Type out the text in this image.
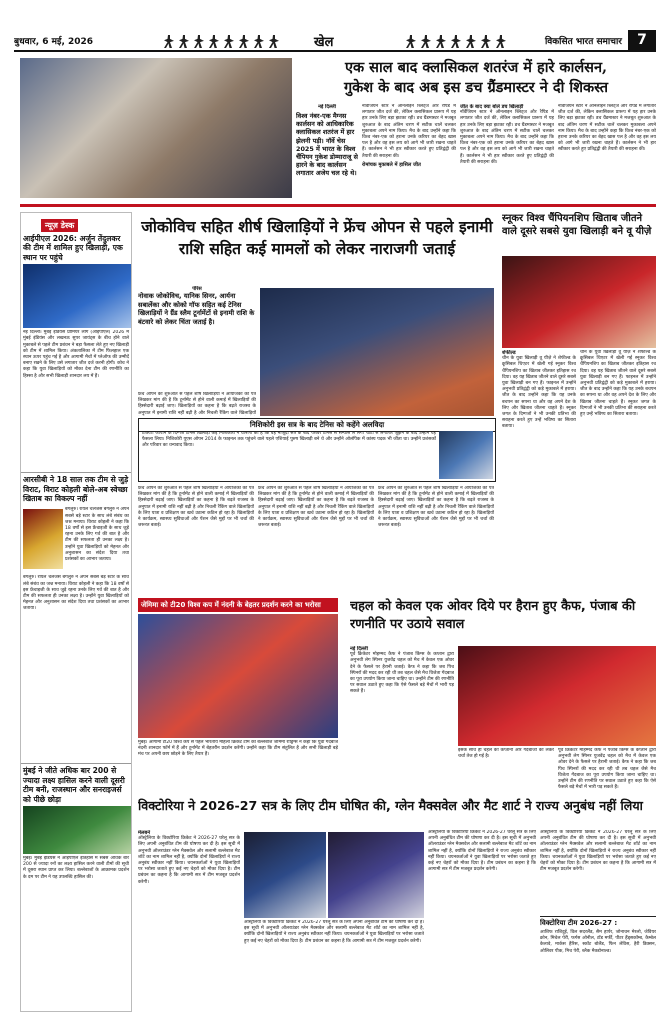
बुधवार, 6 मई, 2026	खेल	विकसित भारत समाचार	7
एक साल बाद क्लासिकल शतरंज में हारे कार्लसन,
गुकेश के बाद अब इस डच ग्रैंडमास्टर ने दी शिकस्त
नई दिल्ली
विश्व नंबर-एक मैग्नस कार्लसन को आधिकारिक क्लासिकल शतरंज में हार झेलनी पड़ी। नॉर्वे चेस 2025 में भारत के विश्व चैंपियन गुकेश डोम्माराजू से हारने के बाद कार्लसन लगातार अजेय चल रहे थे।
नॉर्वेजियन स्टार ने ऑनलाइन ब्लिट्ज और रैपिड में लगातार जीत दर्ज की, लेकिन क्लासिकल प्रारूप में यह हार उनके लिए बड़ा झटका रही। डच ग्रैंडमास्टर ने मजबूत शुरुआत के बाद अंतिम चरण में सटीक चालें चलकर मुकाबला अपने नाम किया। मैच के बाद उन्होंने कहा कि विश्व नंबर-एक को हराना उनके करियर का बेहद खास पल है और वह इस लय को आगे भी जारी रखना चाहते हैं। कार्लसन ने भी हार स्वीकार करते हुए प्रतिद्वंद्वी की तैयारी की सराहना की।
रोमांचक मुकाबले में हासिल जीत
जीत के बाद क्या बोले डच खिलाड़ी
नॉर्वेजियन स्टार ने ऑनलाइन ब्लिट्ज और रैपिड में लगातार जीत दर्ज की, लेकिन क्लासिकल प्रारूप में यह हार उनके लिए बड़ा झटका रही। डच ग्रैंडमास्टर ने मजबूत शुरुआत के बाद अंतिम चरण में सटीक चालें चलकर मुकाबला अपने नाम किया। मैच के बाद उन्होंने कहा कि विश्व नंबर-एक को हराना उनके करियर का बेहद खास पल है और वह इस लय को आगे भी जारी रखना चाहते हैं। कार्लसन ने भी हार स्वीकार करते हुए प्रतिद्वंद्वी की तैयारी की सराहना की।
नॉर्वेजियन स्टार ने ऑनलाइन ब्लिट्ज और रैपिड में लगातार जीत दर्ज की, लेकिन क्लासिकल प्रारूप में यह हार उनके लिए बड़ा झटका रही। डच ग्रैंडमास्टर ने मजबूत शुरुआत के बाद अंतिम चरण में सटीक चालें चलकर मुकाबला अपने नाम किया। मैच के बाद उन्होंने कहा कि विश्व नंबर-एक को हराना उनके करियर का बेहद खास पल है और वह इस लय को आगे भी जारी रखना चाहते हैं। कार्लसन ने भी हार स्वीकार करते हुए प्रतिद्वंद्वी की तैयारी की सराहना की।
न्यूज़ डेस्क
आईपीएल 2026: अर्जुन तेंदुलकर की टीम में शामिल हुए खिलाड़ी, एक स्थान पर पहुंचे
नई दिल्ली। मुंबई इंडियंस प्रीमियर लीग (आईपीएल) 2026 में मुंबई इंडियंस और लखनऊ सुपर जायंट्स के बीच होने वाले मुकाबले से पहले टीम प्रबंधन ने बड़ा फैसला लेते हुए नए खिलाड़ी को टीम में शामिल किया। अंकतालिका में टीम फिलहाल एक स्थान ऊपर पहुंच गई है और आगामी मैचों में प्लेऑफ की उम्मीदें बनाए रखने के लिए उसे लगातार जीत दर्ज करनी होगी। कोच ने कहा कि युवा खिलाड़ियों को मौका देना टीम की रणनीति का हिस्सा है और सभी खिलाड़ी शानदार लय में हैं।
आरसीबी ने 18 साल तक टीम से जुड़े विराट, विराट कोहली बोले-अब स्वेच्छा खिताब का विकल्प नहीं
बेंगलुरु। रॉयल चैलेंजर्स बेंगलुरु ने अपने सबसे बड़े स्टार के साथ लंबे संबंध का जश्न मनाया। विराट कोहली ने कहा कि 18 वर्षों से इस फ्रेंचाइजी के साथ जुड़े रहना उनके लिए गर्व की बात है और टीम की सफलता ही उनका लक्ष्य है। उन्होंने युवा खिलाड़ियों को मेहनत और अनुशासन का संदेश दिया तथा प्रशंसकों का आभार जताया।
बेंगलुरु। रॉयल चैलेंजर्स बेंगलुरु ने अपने सबसे बड़े स्टार के साथ लंबे संबंध का जश्न मनाया। विराट कोहली ने कहा कि 18 वर्षों से इस फ्रेंचाइजी के साथ जुड़े रहना उनके लिए गर्व की बात है और टीम की सफलता ही उनका लक्ष्य है। उन्होंने युवा खिलाड़ियों को मेहनत और अनुशासन का संदेश दिया तथा प्रशंसकों का आभार जताया।
मुंबई ने जीते अधिक बार 200 से ज्यादा लक्ष्य हासिल करने वाली दूसरी टीम बनी, राजस्थान और सनराइजर्स को पीछे छोड़ा
मुंबई। मुंबई इंडियंस ने आईपीएल इतिहास में सबसे अधिक बार 200 से ज्यादा रनों का लक्ष्य हासिल करने वाली टीमों की सूची में दूसरा स्थान प्राप्त कर लिया। बल्लेबाजों के आक्रामक प्रदर्शन के दम पर टीम ने यह उपलब्धि हासिल की।
जोकोविच सहित शीर्ष खिलाड़ियों ने फ्रेंच ओपन से पहले इनामी राशि सहित कई मामलों को लेकर नाराजगी जताई
पेरिस
नोवाक जोकोविच, यानिक सिनर, आर्यना सबालेंका और कोको गॉफ सहित कई टेनिस खिलाड़ियों ने ग्रैंड स्लैम टूर्नामेंटों से इनामी राशि के बंटवारे को लेकर चिंता जताई है।
फ्रेंच ओपन की शुरुआत से पहले शीर्ष खिलाड़ियों ने आयोजकों को पत्र लिखकर मांग की है कि टूर्नामेंट से होने वाली कमाई में खिलाड़ियों की हिस्सेदारी बढ़ाई जाए। खिलाड़ियों का कहना है कि बढ़ते राजस्व के अनुपात में इनामी राशि नहीं बढ़ी है और निचली रैंकिंग वाले खिलाड़ियों
निशिकोरी इस सत्र के बाद टेनिस को कहेंगे अलविदा
टोक्यो। जापान के दिग्गज टेनिस खिलाड़ी केई निशिकोरी ने घोषणा की है कि वह मौजूदा सत्र के बाद पेशेवर टेनिस से संन्यास ले लेंगे। चोटों से लगातार जूझने के बाद उन्होंने यह फैसला लिया। निशिकोरी यूएस ओपन 2014 के फाइनल तक पहुंचने वाले पहले एशियाई पुरुष खिलाड़ी बने थे और उन्होंने ओलंपिक में कांस्य पदक भी जीता था। उन्होंने प्रशंसकों और परिवार का धन्यवाद किया।
फ्रेंच ओपन की शुरुआत से पहले शीर्ष खिलाड़ियों ने आयोजकों को पत्र लिखकर मांग की है कि टूर्नामेंट से होने वाली कमाई में खिलाड़ियों की हिस्सेदारी बढ़ाई जाए। खिलाड़ियों का कहना है कि बढ़ते राजस्व के अनुपात में इनामी राशि नहीं बढ़ी है और निचली रैंकिंग वाले खिलाड़ियों के लिए यात्रा व प्रशिक्षण का खर्च उठाना कठिन हो रहा है। खिलाड़ियों ने कार्यक्रम, स्वास्थ्य सुविधाओं और पेंशन जैसे मुद्दों पर भी चर्चा की जरूरत बताई।
फ्रेंच ओपन की शुरुआत से पहले शीर्ष खिलाड़ियों ने आयोजकों को पत्र लिखकर मांग की है कि टूर्नामेंट से होने वाली कमाई में खिलाड़ियों की हिस्सेदारी बढ़ाई जाए। खिलाड़ियों का कहना है कि बढ़ते राजस्व के अनुपात में इनामी राशि नहीं बढ़ी है और निचली रैंकिंग वाले खिलाड़ियों के लिए यात्रा व प्रशिक्षण का खर्च उठाना कठिन हो रहा है। खिलाड़ियों ने कार्यक्रम, स्वास्थ्य सुविधाओं और पेंशन जैसे मुद्दों पर भी चर्चा की जरूरत बताई।
फ्रेंच ओपन की शुरुआत से पहले शीर्ष खिलाड़ियों ने आयोजकों को पत्र लिखकर मांग की है कि टूर्नामेंट से होने वाली कमाई में खिलाड़ियों की हिस्सेदारी बढ़ाई जाए। खिलाड़ियों का कहना है कि बढ़ते राजस्व के अनुपात में इनामी राशि नहीं बढ़ी है और निचली रैंकिंग वाले खिलाड़ियों के लिए यात्रा व प्रशिक्षण का खर्च उठाना कठिन हो रहा है। खिलाड़ियों ने कार्यक्रम, स्वास्थ्य सुविधाओं और पेंशन जैसे मुद्दों पर भी चर्चा की जरूरत बताई।
स्नूकर विश्व चैंपियनशिप खिताब जीतने वाले दूसरे सबसे युवा खिलाड़ी बने वू यीज़े
शेफील्ड
चीन के युवा खिलाड़ी वू यीज़े ने शेफील्ड के क्रूसिबल थिएटर में खेली गई स्नूकर विश्व चैंपियनशिप का खिताब जीतकर इतिहास रच दिया। वह यह खिताब जीतने वाले दूसरे सबसे युवा खिलाड़ी बन गए हैं। फाइनल में उन्होंने अनुभवी प्रतिद्वंद्वी को कड़े मुकाबले में हराया। जीत के बाद उन्होंने कहा कि यह उनके बचपन का सपना था और वह अपने देश के लिए और खिताब जीतना चाहते हैं। स्नूकर जगत के दिग्गजों ने भी उनकी प्रतिभा की सराहना करते हुए उन्हें भविष्य का सितारा बताया।
चीन के युवा खिलाड़ी वू यीज़े ने शेफील्ड के क्रूसिबल थिएटर में खेली गई स्नूकर विश्व चैंपियनशिप का खिताब जीतकर इतिहास रच दिया। वह यह खिताब जीतने वाले दूसरे सबसे युवा खिलाड़ी बन गए हैं। फाइनल में उन्होंने अनुभवी प्रतिद्वंद्वी को कड़े मुकाबले में हराया। जीत के बाद उन्होंने कहा कि यह उनके बचपन का सपना था और वह अपने देश के लिए और खिताब जीतना चाहते हैं। स्नूकर जगत के दिग्गजों ने भी उनकी प्रतिभा की सराहना करते हुए उन्हें भविष्य का सितारा बताया।
जेमिमा को टी20 विश्व कप में नंदनी के बेहतर प्रदर्शन करने का भरोसा
मुंबई। आगामी टी20 विश्व कप से पहले भारतीय महिला क्रिकेट टीम की बल्लेबाज जेमिमा रोड्रिग्स ने कहा कि युवा गेंदबाज नंदनी शानदार फॉर्म में हैं और टूर्नामेंट में बेहतरीन प्रदर्शन करेंगी। उन्होंने कहा कि टीम संतुलित है और सभी खिलाड़ी बड़े मंच पर अपनी छाप छोड़ने के लिए तैयार हैं।
चहल को केवल एक ओवर दिये पर हैरान हुए कैफ, पंजाब की रणनीति पर उठाये सवाल
नई दिल्ली
पूर्व क्रिकेटर मोहम्मद कैफ ने पंजाब किंग्स के कप्तान द्वारा अनुभवी लेग स्पिनर युजवेंद्र चहल को मैच में केवल एक ओवर देने के फैसले पर हैरानी जताई। कैफ ने कहा कि जब पिच स्पिनरों की मदद कर रही थी तब चहल जैसे मैच विजेता गेंदबाज का पूरा उपयोग किया जाना चाहिए था। उन्होंने टीम की रणनीति पर सवाल उठाते हुए कहा कि ऐसे फैसले बड़े मैचों में भारी पड़ सकते हैं।
इसके साथ ही चहल की कप्तानी और गेंदबाजी को लेकर चर्चा तेज हो गई है।
पूर्व क्रिकेटर मोहम्मद कैफ ने पंजाब किंग्स के कप्तान द्वारा अनुभवी लेग स्पिनर युजवेंद्र चहल को मैच में केवल एक ओवर देने के फैसले पर हैरानी जताई। कैफ ने कहा कि जब पिच स्पिनरों की मदद कर रही थी तब चहल जैसे मैच विजेता गेंदबाज का पूरा उपयोग किया जाना चाहिए था। उन्होंने टीम की रणनीति पर सवाल उठाते हुए कहा कि ऐसे फैसले बड़े मैचों में भारी पड़ सकते हैं।
विक्टोरिया ने 2026-27 सत्र के लिए टीम घोषित की, ग्लेन मैक्सवेल और मैट शार्ट ने राज्य अनुबंध नहीं लिया
मेलबर्न
ऑस्ट्रेलिया के विक्टोरिया क्रिकेट ने 2026-27 घरेलू सत्र के लिए अपनी अनुबंधित टीम की घोषणा कर दी है। इस सूची में अनुभवी ऑलराउंडर ग्लेन मैक्सवेल और सलामी बल्लेबाज मैट शॉर्ट का नाम शामिल नहीं है, क्योंकि दोनों खिलाड़ियों ने राज्य अनुबंध स्वीकार नहीं किया। चयनकर्ताओं ने युवा खिलाड़ियों पर भरोसा जताते हुए कई नए चेहरों को मौका दिया है। टीम प्रबंधन का कहना है कि आगामी सत्र में टीम मजबूत प्रदर्शन करेगी।
ऑस्ट्रेलिया के विक्टोरिया क्रिकेट ने 2026-27 घरेलू सत्र के लिए अपनी अनुबंधित टीम की घोषणा कर दी है। इस सूची में अनुभवी ऑलराउंडर ग्लेन मैक्सवेल और सलामी बल्लेबाज मैट शॉर्ट का नाम शामिल नहीं है, क्योंकि दोनों खिलाड़ियों ने राज्य अनुबंध स्वीकार नहीं किया। चयनकर्ताओं ने युवा खिलाड़ियों पर भरोसा जताते हुए कई नए चेहरों को मौका दिया है। टीम प्रबंधन का कहना है कि आगामी सत्र में टीम मजबूत प्रदर्शन करेगी।
ऑस्ट्रेलिया के विक्टोरिया क्रिकेट ने 2026-27 घरेलू सत्र के लिए अपनी अनुबंधित टीम की घोषणा कर दी है। इस सूची में अनुभवी ऑलराउंडर ग्लेन मैक्सवेल और सलामी बल्लेबाज मैट शॉर्ट का नाम शामिल नहीं है, क्योंकि दोनों खिलाड़ियों ने राज्य अनुबंध स्वीकार नहीं किया। चयनकर्ताओं ने युवा खिलाड़ियों पर भरोसा जताते हुए कई नए चेहरों को मौका दिया है। टीम प्रबंधन का कहना है कि आगामी सत्र में टीम मजबूत प्रदर्शन करेगी।
ऑस्ट्रेलिया के विक्टोरिया क्रिकेट ने 2026-27 घरेलू सत्र के लिए अपनी अनुबंधित टीम की घोषणा कर दी है। इस सूची में अनुभवी ऑलराउंडर ग्लेन मैक्सवेल और सलामी बल्लेबाज मैट शॉर्ट का नाम शामिल नहीं है, क्योंकि दोनों खिलाड़ियों ने राज्य अनुबंध स्वीकार नहीं किया। चयनकर्ताओं ने युवा खिलाड़ियों पर भरोसा जताते हुए कई नए चेहरों को मौका दिया है। टीम प्रबंधन का कहना है कि आगामी सत्र में टीम मजबूत प्रदर्शन करेगी।
विक्टोरिया टीम 2026-27 :
आशिफ राशिदुई, विल सदरलैंड, सैम हार्पर, जोनाथन मेरलो, जेवियर क्रोन, मिचेल पेरी, फर्गस ओनील, टॉड मर्फी, पीटर हैंड्सकॉम्ब, कैम्बेल केलावे, मार्कस हैरिस, स्कॉट बोलैंड, फिन लेविस, हैरी डिक्सन, ओलिवर पीक, मिच पेरी, ब्लैक मैक्डोनाल्ड।
